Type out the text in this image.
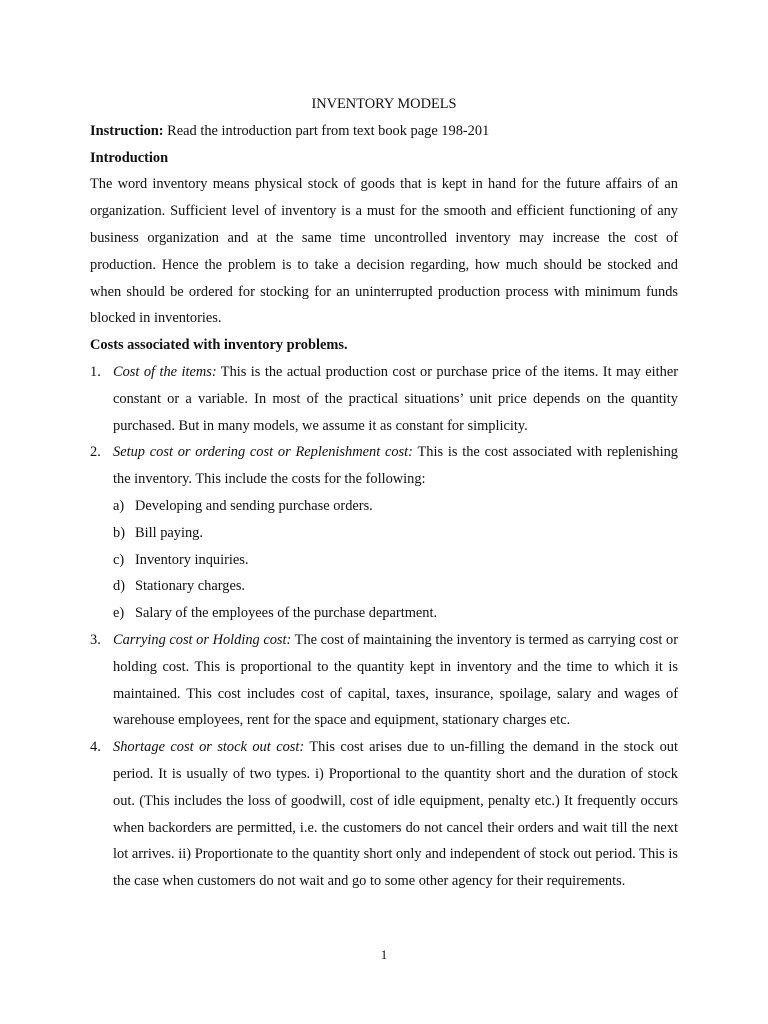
INVENTORY MODELS

Instruction: Read the introduction part from text book page 198-201

Introduction

The word inventory means physical stock of goods that is kept in hand for the future affairs of an organization. Sufficient level of inventory is a must for the smooth and efficient functioning of any business organization and at the same time uncontrolled inventory may increase the cost of production. Hence the problem is to take a decision regarding, how much should be stocked and when should be ordered for stocking for an uninterrupted production process with minimum funds blocked in inventories.

Costs associated with inventory problems.

1. Cost of the items: This is the actual production cost or purchase price of the items. It may either constant or a variable. In most of the practical situations’ unit price depends on the quantity purchased. But in many models, we assume it as constant for simplicity.
2. Setup cost or ordering cost or Replenishment cost: This is the cost associated with replenishing the inventory. This include the costs for the following:
a) Developing and sending purchase orders.
b) Bill paying.
c) Inventory inquiries.
d) Stationary charges.
e) Salary of the employees of the purchase department.
3. Carrying cost or Holding cost: The cost of maintaining the inventory is termed as carrying cost or holding cost. This is proportional to the quantity kept in inventory and the time to which it is maintained. This cost includes cost of capital, taxes, insurance, spoilage, salary and wages of warehouse employees, rent for the space and equipment, stationary charges etc.
4. Shortage cost or stock out cost: This cost arises due to un-filling the demand in the stock out period. It is usually of two types. i) Proportional to the quantity short and the duration of stock out. (This includes the loss of goodwill, cost of idle equipment, penalty etc.) It frequently occurs when backorders are permitted, i.e. the customers do not cancel their orders and wait till the next lot arrives. ii) Proportionate to the quantity short only and independent of stock out period. This is the case when customers do not wait and go to some other agency for their requirements.
1
